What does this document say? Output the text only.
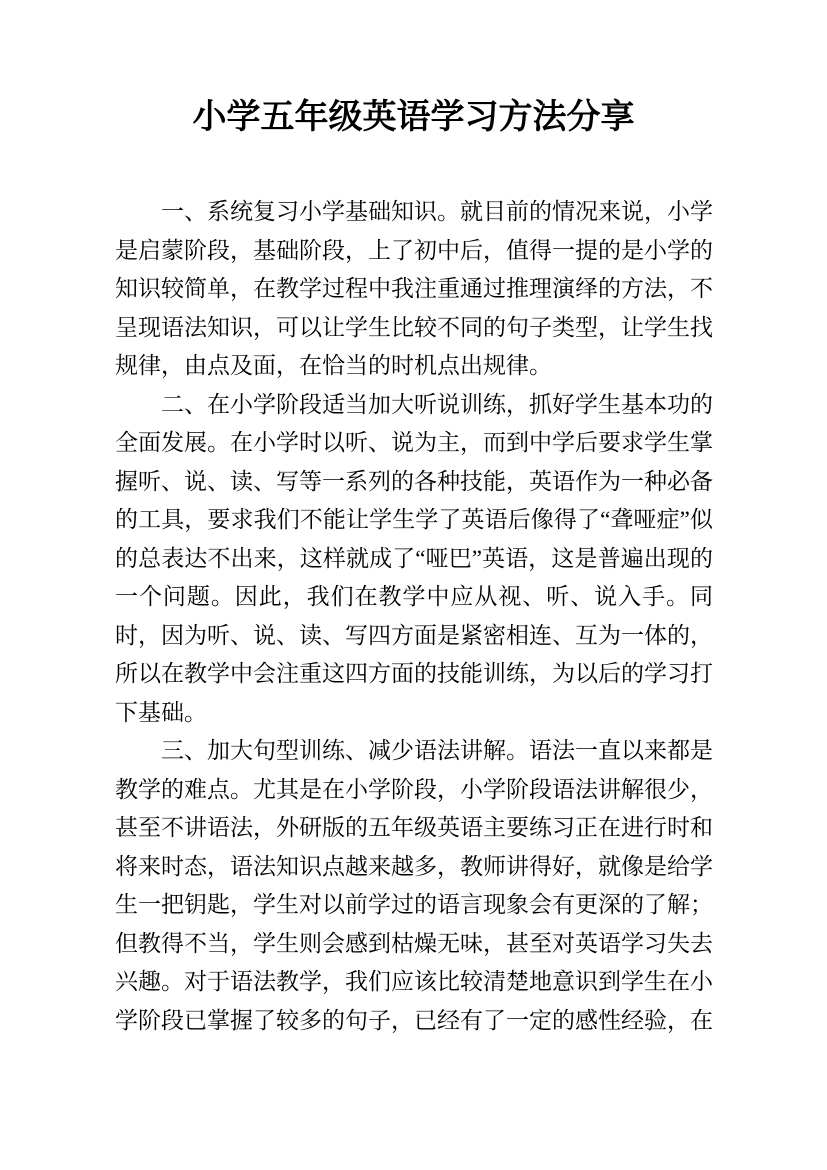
小学五年级英语学习方法分享

一、系统复习小学基础知识。就目前的情况来说，小学是启蒙阶段，基础阶段，上了初中后，值得一提的是小学的知识较简单，在教学过程中我注重通过推理演绎的方法，不呈现语法知识，可以让学生比较不同的句子类型，让学生找规律，由点及面，在恰当的时机点出规律。

二、在小学阶段适当加大听说训练，抓好学生基本功的全面发展。在小学时以听、说为主，而到中学后要求学生掌握听、说、读、写等一系列的各种技能，英语作为一种必备的工具，要求我们不能让学生学了英语后像得了“聋哑症”似的总表达不出来，这样就成了“哑巴”英语，这是普遍出现的一个问题。因此，我们在教学中应从视、听、说入手。同时，因为听、说、读、写四方面是紧密相连、互为一体的，所以在教学中会注重这四方面的技能训练，为以后的学习打下基础。

三、加大句型训练、减少语法讲解。语法一直以来都是教学的难点。尤其是在小学阶段，小学阶段语法讲解很少，甚至不讲语法，外研版的五年级英语主要练习正在进行时和将来时态，语法知识点越来越多，教师讲得好，就像是给学生一把钥匙，学生对以前学过的语言现象会有更深的了解；但教得不当，学生则会感到枯燥无味，甚至对英语学习失去兴趣。对于语法教学，我们应该比较清楚地意识到学生在小学阶段已掌握了较多的句子，已经有了一定的感性经验，在
